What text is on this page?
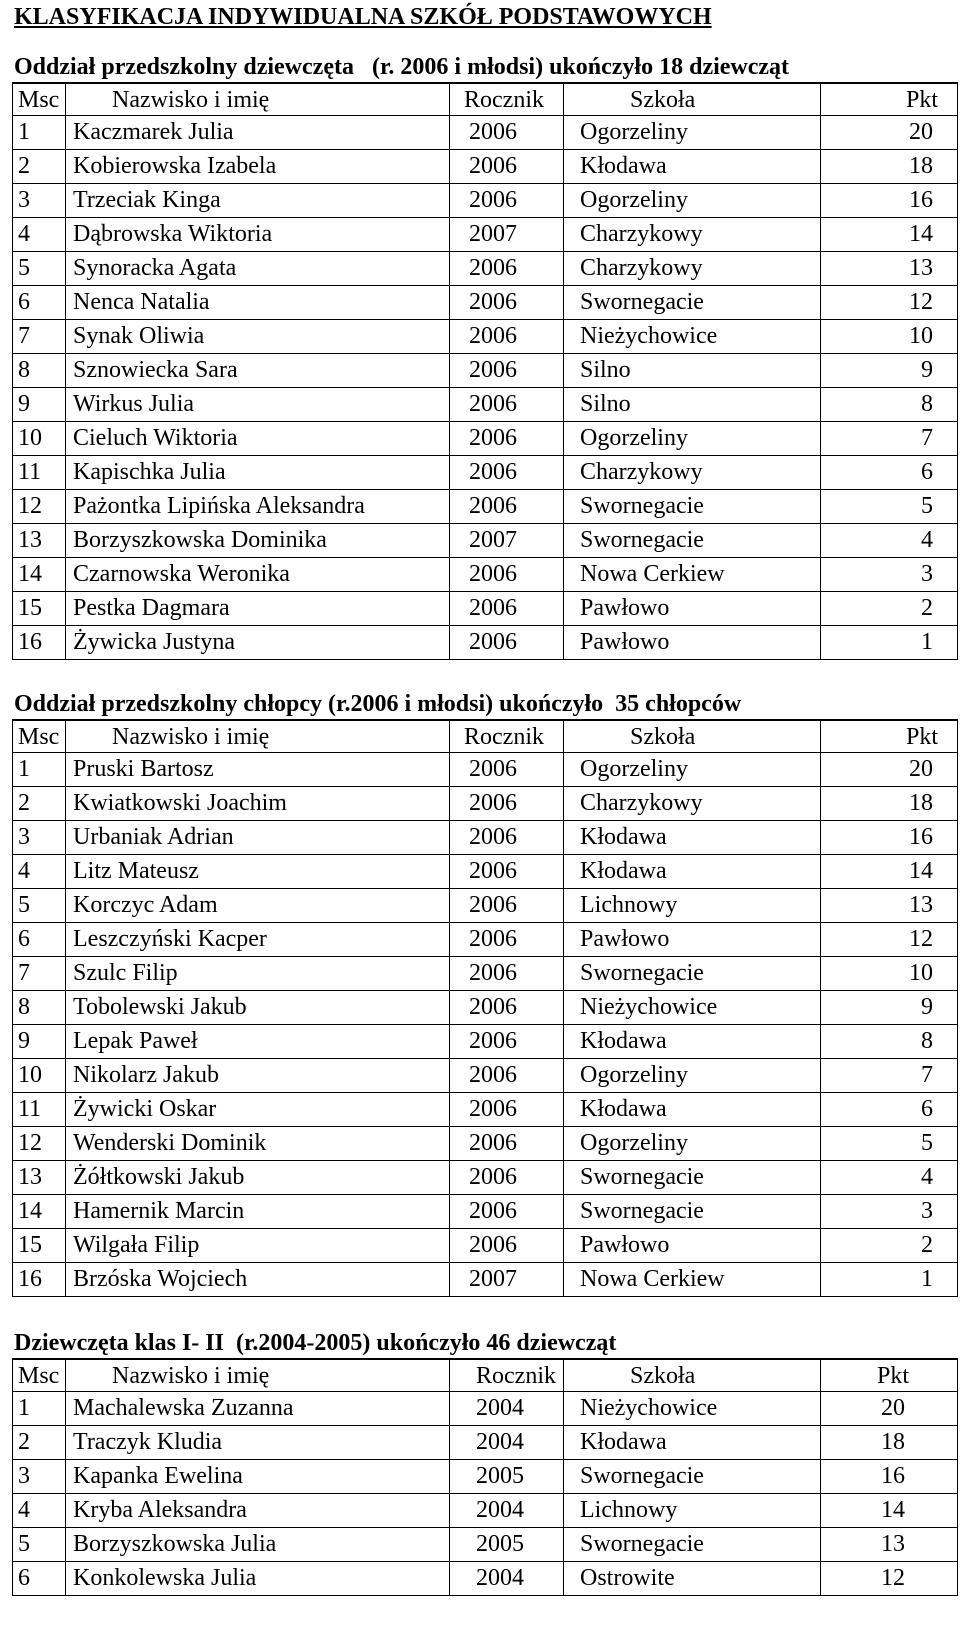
KLASYFIKACJA INDYWIDUALNA SZKÓŁ PODSTAWOWYCH
Oddział przedszkolny dziewczęta   (r. 2006 i młodsi) ukończyło 18 dziewcząt
Msc	Nazwisko i imię	Rocznik	Szkoła	Pkt
1	Kaczmarek Julia	2006	Ogorzeliny	20
2	Kobierowska Izabela	2006	Kłodawa	18
3	Trzeciak Kinga	2006	Ogorzeliny	16
4	Dąbrowska Wiktoria	2007	Charzykowy	14
5	Synoracka Agata	2006	Charzykowy	13
6	Nenca Natalia	2006	Swornegacie	12
7	Synak Oliwia	2006	Nieżychowice	10
8	Sznowiecka Sara	2006	Silno	9
9	Wirkus Julia	2006	Silno	8
10	Cieluch Wiktoria	2006	Ogorzeliny	7
11	Kapischka Julia	2006	Charzykowy	6
12	Pażontka Lipińska Aleksandra	2006	Swornegacie	5
13	Borzyszkowska Dominika	2007	Swornegacie	4
14	Czarnowska Weronika	2006	Nowa Cerkiew	3
15	Pestka Dagmara	2006	Pawłowo	2
16	Żywicka Justyna	2006	Pawłowo	1
Oddział przedszkolny chłopcy (r.2006 i młodsi) ukończyło  35 chłopców
Msc	Nazwisko i imię	Rocznik	Szkoła	Pkt
1	Pruski Bartosz	2006	Ogorzeliny	20
2	Kwiatkowski Joachim	2006	Charzykowy	18
3	Urbaniak Adrian	2006	Kłodawa	16
4	Litz Mateusz	2006	Kłodawa	14
5	Korczyc Adam	2006	Lichnowy	13
6	Leszczyński Kacper	2006	Pawłowo	12
7	Szulc Filip	2006	Swornegacie	10
8	Tobolewski Jakub	2006	Nieżychowice	9
9	Lepak Paweł	2006	Kłodawa	8
10	Nikolarz Jakub	2006	Ogorzeliny	7
11	Żywicki Oskar	2006	Kłodawa	6
12	Wenderski Dominik	2006	Ogorzeliny	5
13	Żółtkowski Jakub	2006	Swornegacie	4
14	Hamernik Marcin	2006	Swornegacie	3
15	Wilgała Filip	2006	Pawłowo	2
16	Brzóska Wojciech	2007	Nowa Cerkiew	1
Dziewczęta klas I- II  (r.2004-2005) ukończyło 46 dziewcząt
Msc	Nazwisko i imię	Rocznik	Szkoła	Pkt
1	Machalewska Zuzanna	2004	Nieżychowice	20
2	Traczyk Kludia	2004	Kłodawa	18
3	Kapanka Ewelina	2005	Swornegacie	16
4	Kryba Aleksandra	2004	Lichnowy	14
5	Borzyszkowska Julia	2005	Swornegacie	13
6	Konkolewska Julia	2004	Ostrowite	12
